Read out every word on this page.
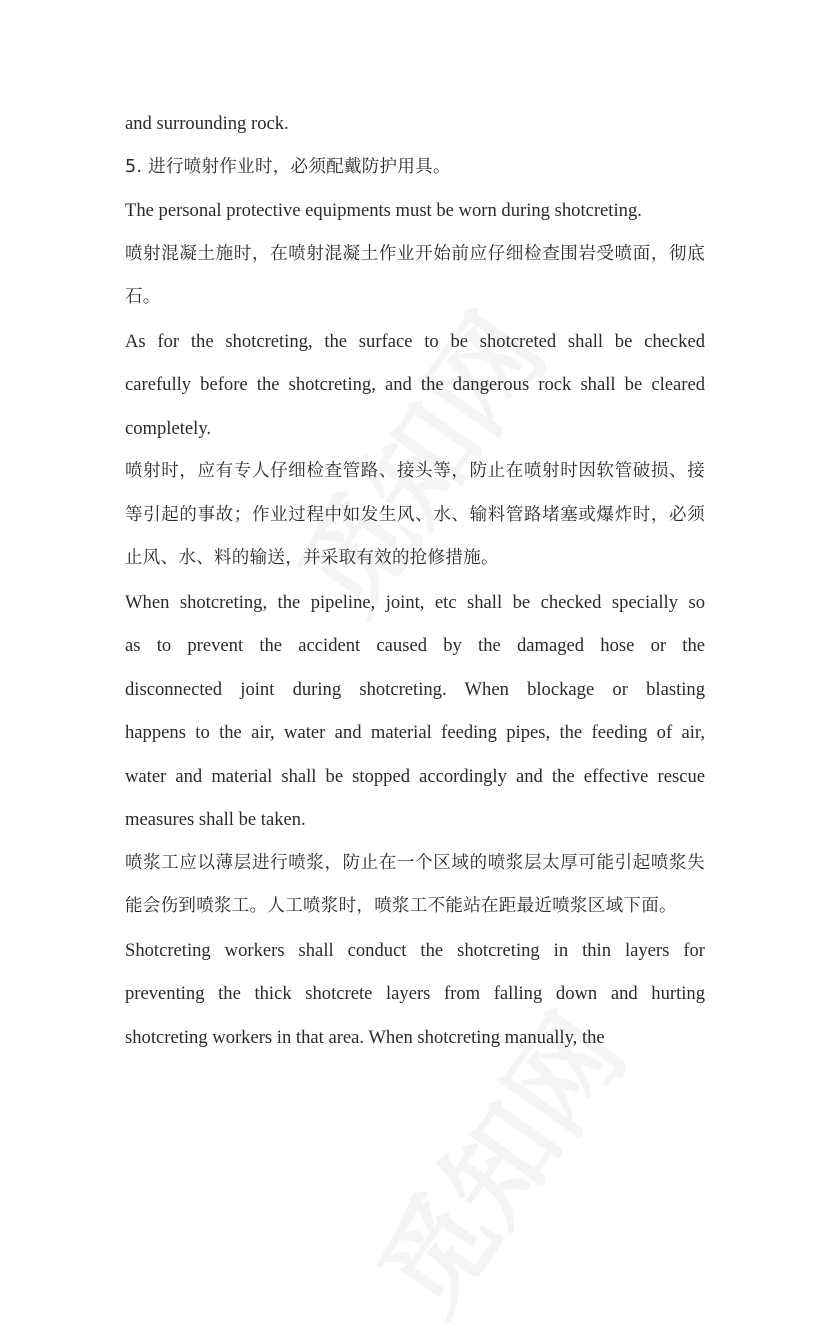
and surrounding rock.
5. 进行喷射作业时，必须配戴防护用具。
The personal protective equipments must be worn during shotcreting.
喷射混凝土施时，在喷射混凝土作业开始前应仔细检查围岩受喷面，彻底
石。
As for the shotcreting, the surface to be shotcreted shall be checked
carefully before the shotcreting, and the dangerous rock shall be cleared
completely.
喷射时，应有专人仔细检查管路、接头等，防止在喷射时因软管破损、接
等引起的事故；作业过程中如发生风、水、输料管路堵塞或爆炸时，必须
止风、水、料的输送，并采取有效的抢修措施。
When shotcreting, the pipeline, joint, etc shall be checked specially so
as to prevent the accident caused by the damaged hose or the
disconnected joint during shotcreting. When blockage or blasting
happens to the air, water and material feeding pipes, the feeding of air,
water and material shall be stopped accordingly and the effective rescue
measures shall be taken.
喷浆工应以薄层进行喷浆，防止在一个区域的喷浆层太厚可能引起喷浆失
能会伤到喷浆工。人工喷浆时，喷浆工不能站在距最近喷浆区域下面。
Shotcreting workers shall conduct the shotcreting in thin layers for
preventing the thick shotcrete layers from falling down and hurting
shotcreting workers in that area. When shotcreting manually, the
